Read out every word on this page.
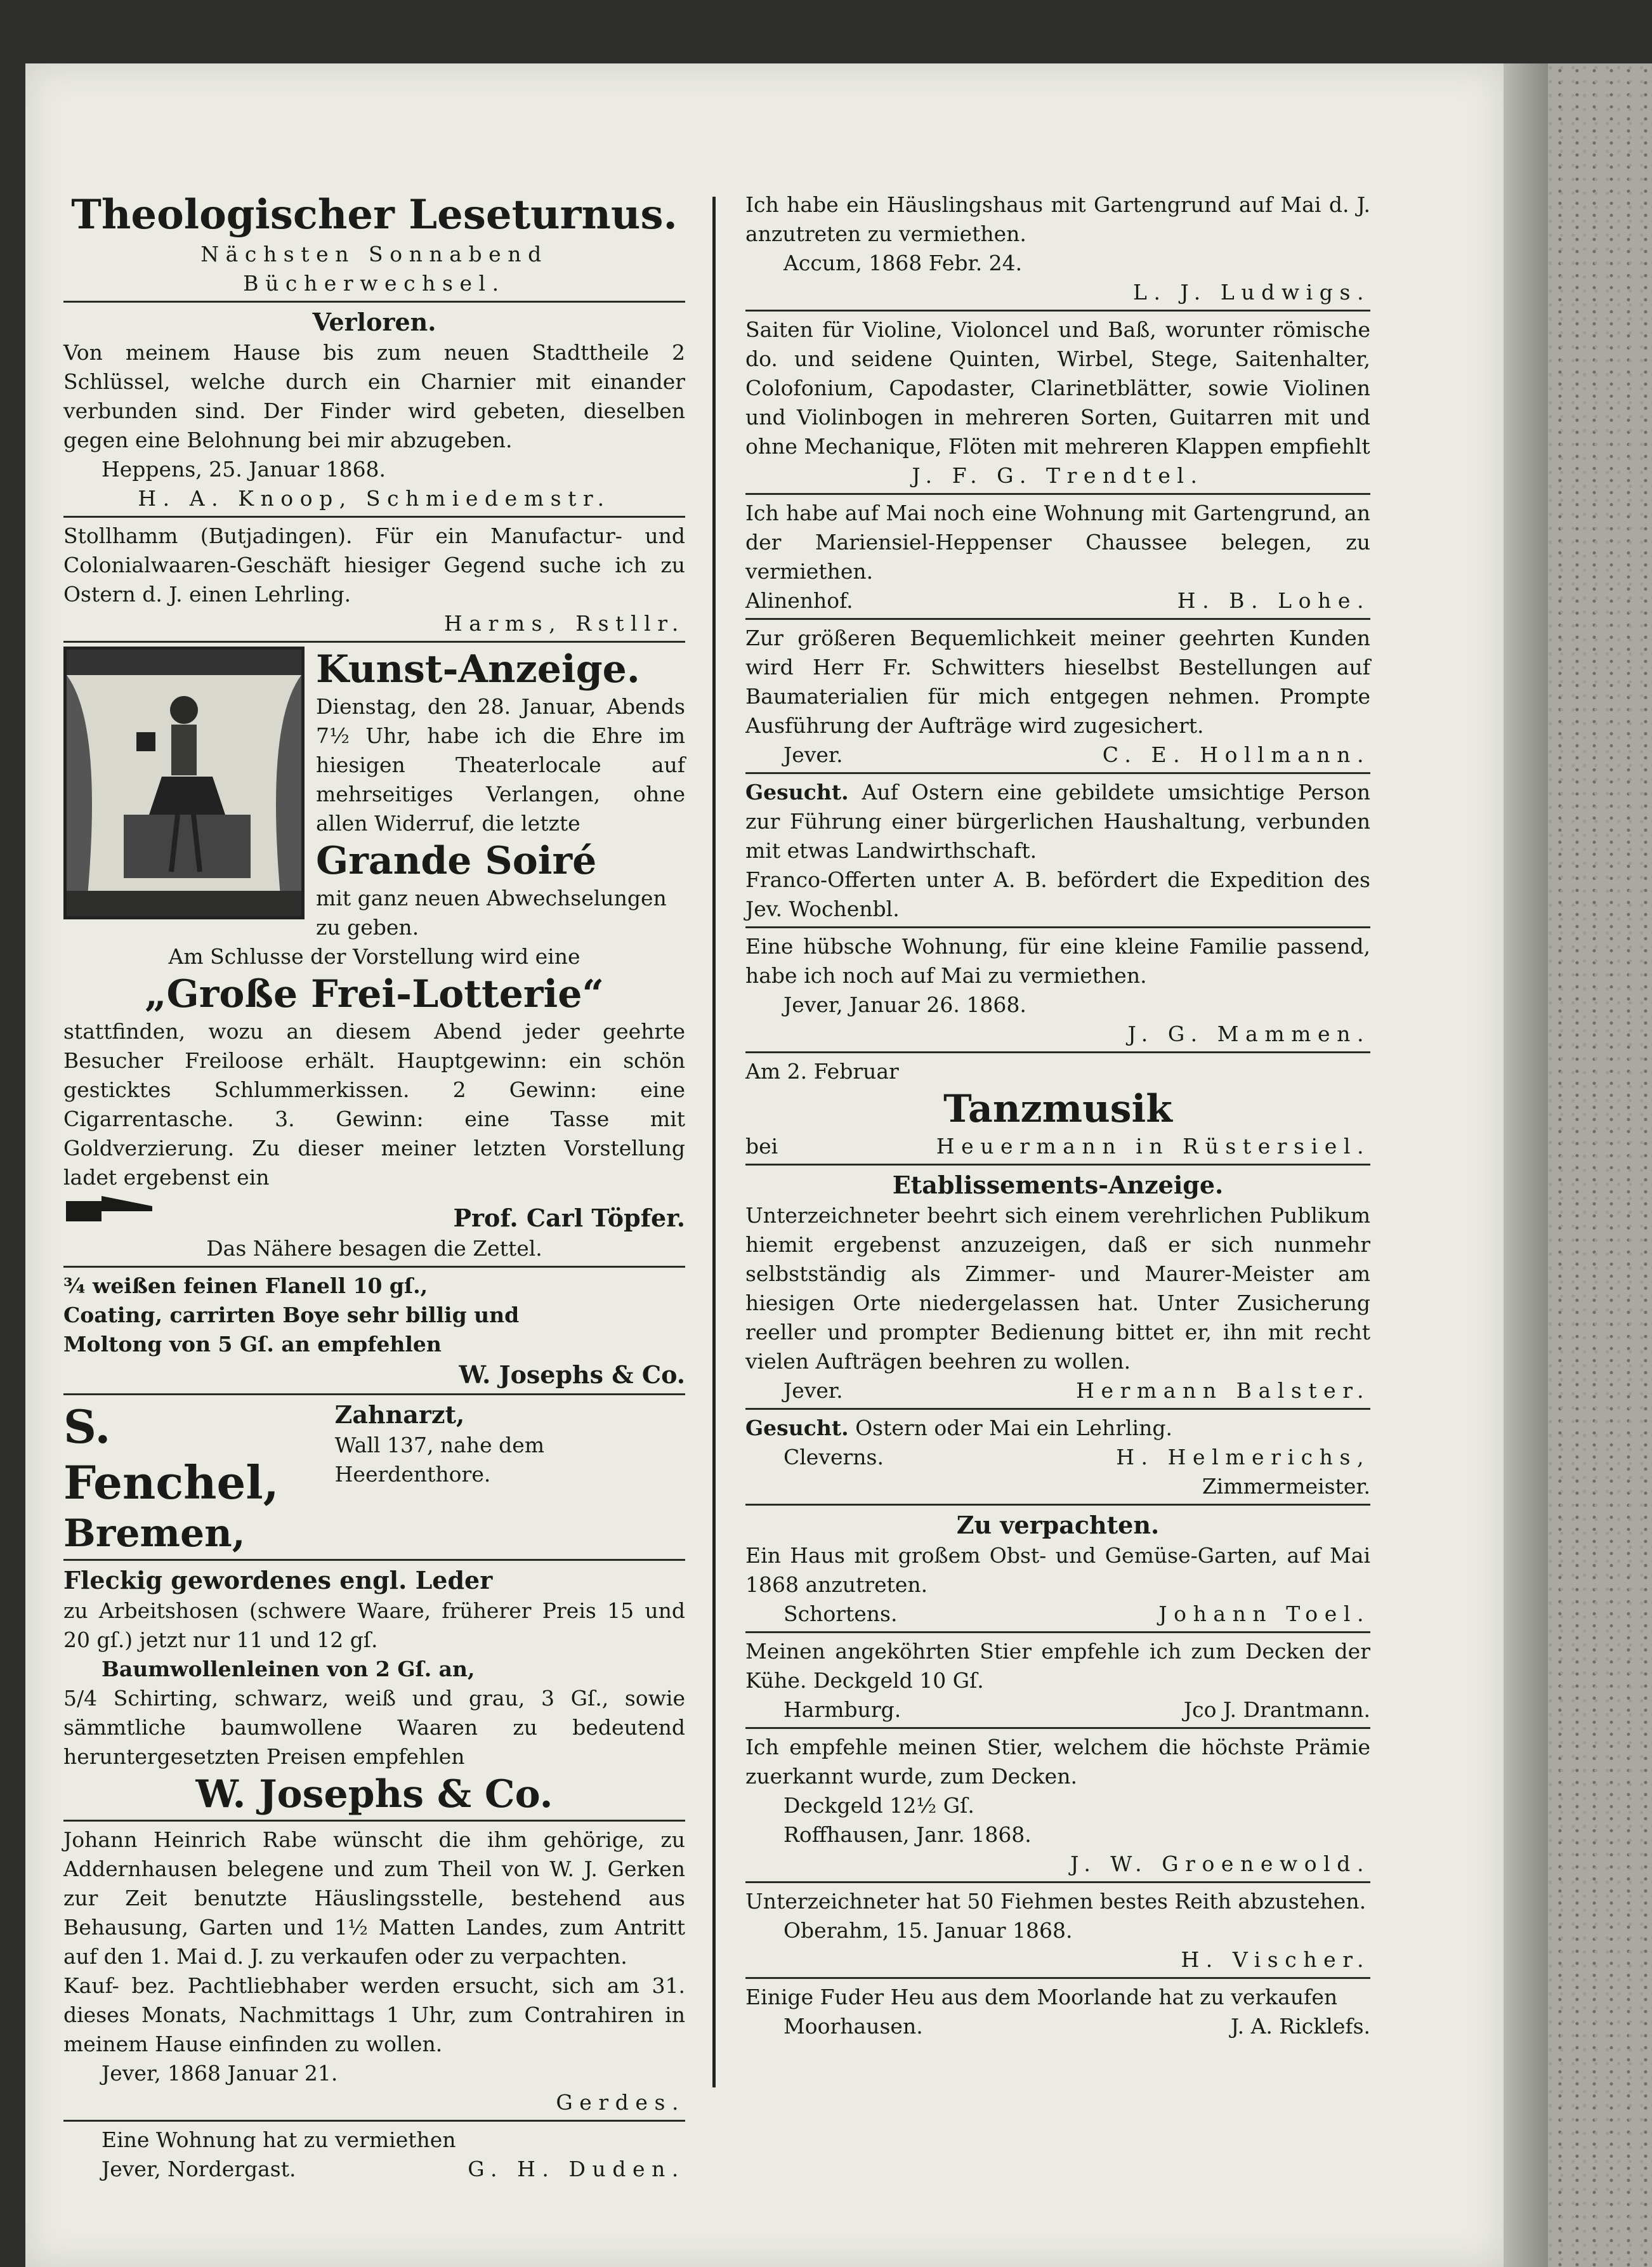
Theologischer Leseturnus.

Nächsten Sonnabend Bücherwechsel.

Verloren.

Von meinem Hause bis zum neuen Stadttheile 2 Schlüssel, welche durch ein Charnier mit einander verbunden sind. Der Finder wird gebeten, dieselben gegen eine Belohnung bei mir abzugeben.

Heppens, 25. Januar 1868.

H. A. Knoop, Schmiedemstr.

Stollhamm (Butjadingen). Für ein Manufactur- und Colonialwaaren-Geschäft hiesiger Gegend suche ich zu Ostern d. J. einen Lehrling.

Harms, Rstllr.

Kunst-Anzeige.

Dienstag, den 28. Januar, Abends 7½ Uhr, habe ich die Ehre im hiesigen Theaterlocale auf mehrseitiges Verlangen, ohne allen Widerruf, die letzte

Grande Soiré

mit ganz neuen Abwechselungen zu geben.

Am Schlusse der Vorstellung wird eine

„Große Frei-Lotterie“

stattfinden, wozu an diesem Abend jeder geehrte Besucher Freiloose erhält. Hauptgewinn: ein schön gesticktes Schlummerkissen. 2 Gewinn: eine Cigarrentasche. 3. Gewinn: eine Tasse mit Goldverzierung. Zu dieser meiner letzten Vorstellung ladet ergebenst ein

Prof. Carl Töpfer.

Das Nähere besagen die Zettel.

¾ weißen feinen Flanell 10 gſ.,

Coating, carrirten Boye sehr billig und

Moltong von 5 Gſ. an empfehlen

W. Josephs & Co.
S. Fenchel,
Bremen,
Zahnarzt,

Wall 137, nahe dem Heerdenthore.

Fleckig gewordenes engl. Leder

zu Arbeitshosen (schwere Waare, früherer Preis 15 und 20 gſ.) jetzt nur 11 und 12 gſ.

Baumwollenleinen von 2 Gſ. an,

5/4 Schirting, schwarz, weiß und grau, 3 Gſ., sowie sämmtliche baumwollene Waaren zu bedeutend heruntergesetzten Preisen empfehlen

W. Josephs & Co.

Johann Heinrich Rabe wünscht die ihm gehörige, zu Addernhausen belegene und zum Theil von W. J. Gerken zur Zeit benutzte Häuslingsstelle, bestehend aus Behausung, Garten und 1½ Matten Landes, zum Antritt auf den 1. Mai d. J. zu verkaufen oder zu verpachten.

Kauf- bez. Pachtliebhaber werden ersucht, sich am 31. dieses Monats, Nachmittags 1 Uhr, zum Contrahiren in meinem Hause einfinden zu wollen.

Jever, 1868 Januar 21.

Gerdes.

Eine Wohnung hat zu vermiethen

Jever, Nordergast.	G. H. Duden.

Ich habe ein Häuslingshaus mit Gartengrund auf Mai d. J. anzutreten zu vermiethen.

Accum, 1868 Febr. 24.

L. J. Ludwigs.

Saiten für Violine, Violoncel und Baß, worunter römische do. und seidene Quinten, Wirbel, Stege, Saitenhalter, Colofonium, Capodaster, Clarinetblätter, sowie Violinen und Violinbogen in mehreren Sorten, Guitarren mit und ohne Mechanique, Flöten mit mehreren Klappen empfiehlt

J. F. G. Trendtel.

Ich habe auf Mai noch eine Wohnung mit Gartengrund, an der Mariensiel-Heppenser Chaussee belegen, zu vermiethen.

Alinenhof.	H. B. Lohe.

Zur größeren Bequemlichkeit meiner geehrten Kunden wird Herr Fr. Schwitters hieselbst Bestellungen auf Baumaterialien für mich entgegen nehmen. Prompte Ausführung der Aufträge wird zugesichert.

Jever.	C. E. Hollmann.

Gesucht. Auf Ostern eine gebildete umsichtige Person zur Führung einer bürgerlichen Haushaltung, verbunden mit etwas Landwirthschaft.

Franco-Offerten unter A. B. befördert die Expedition des Jev. Wochenbl.

Eine hübsche Wohnung, für eine kleine Familie passend, habe ich noch auf Mai zu vermiethen.

Jever, Januar 26. 1868.

J. G. Mammen.

Am 2. Februar

Tanzmusik

bei	Heuermann in Rüstersiel.

Etablissements-Anzeige.

Unterzeichneter beehrt sich einem verehrlichen Publikum hiemit ergebenst anzuzeigen, daß er sich nunmehr selbstständig als Zimmer- und Maurer-Meister am hiesigen Orte niedergelassen hat. Unter Zusicherung reeller und prompter Bedienung bittet er, ihn mit recht vielen Aufträgen beehren zu wollen.

Jever.	Hermann Balster.

Gesucht. Ostern oder Mai ein Lehrling.

Cleverns.	H. Helmerichs,

Zimmermeister.

Zu verpachten.

Ein Haus mit großem Obst- und Gemüse-Garten, auf Mai 1868 anzutreten.

Schortens.	Johann Toel.

Meinen angeköhrten Stier empfehle ich zum Decken der Kühe. Deckgeld 10 Gſ.

Harmburg.	Jco J. Drantmann.

Ich empfehle meinen Stier, welchem die höchste Prämie zuerkannt wurde, zum Decken.

Deckgeld 12½ Gſ.

Roffhausen, Janr. 1868.

J. W. Groenewold.

Unterzeichneter hat 50 Fiehmen bestes Reith abzustehen.

Oberahm, 15. Januar 1868.

H. Vischer.

Einige Fuder Heu aus dem Moorlande hat zu verkaufen

Moorhausen.	J. A. Ricklefs.
